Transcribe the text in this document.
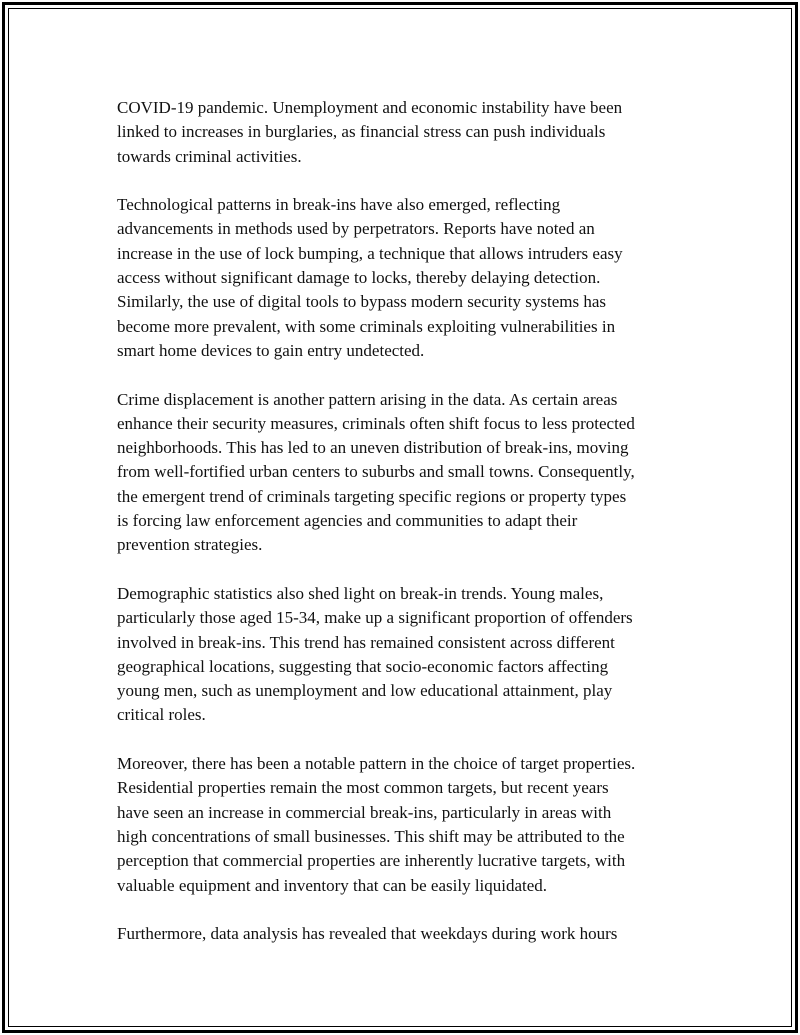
COVID-19 pandemic. Unemployment and economic instability have been
linked to increases in burglaries, as financial stress can push individuals
towards criminal activities.

Technological patterns in break-ins have also emerged, reflecting
advancements in methods used by perpetrators. Reports have noted an
increase in the use of lock bumping, a technique that allows intruders easy
access without significant damage to locks, thereby delaying detection.
Similarly, the use of digital tools to bypass modern security systems has
become more prevalent, with some criminals exploiting vulnerabilities in
smart home devices to gain entry undetected.

Crime displacement is another pattern arising in the data. As certain areas
enhance their security measures, criminals often shift focus to less protected
neighborhoods. This has led to an uneven distribution of break-ins, moving
from well-fortified urban centers to suburbs and small towns. Consequently,
the emergent trend of criminals targeting specific regions or property types
is forcing law enforcement agencies and communities to adapt their
prevention strategies.

Demographic statistics also shed light on break-in trends. Young males,
particularly those aged 15-34, make up a significant proportion of offenders
involved in break-ins. This trend has remained consistent across different
geographical locations, suggesting that socio-economic factors affecting
young men, such as unemployment and low educational attainment, play
critical roles.

Moreover, there has been a notable pattern in the choice of target properties.
Residential properties remain the most common targets, but recent years
have seen an increase in commercial break-ins, particularly in areas with
high concentrations of small businesses. This shift may be attributed to the
perception that commercial properties are inherently lucrative targets, with
valuable equipment and inventory that can be easily liquidated.

Furthermore, data analysis has revealed that weekdays during work hours
